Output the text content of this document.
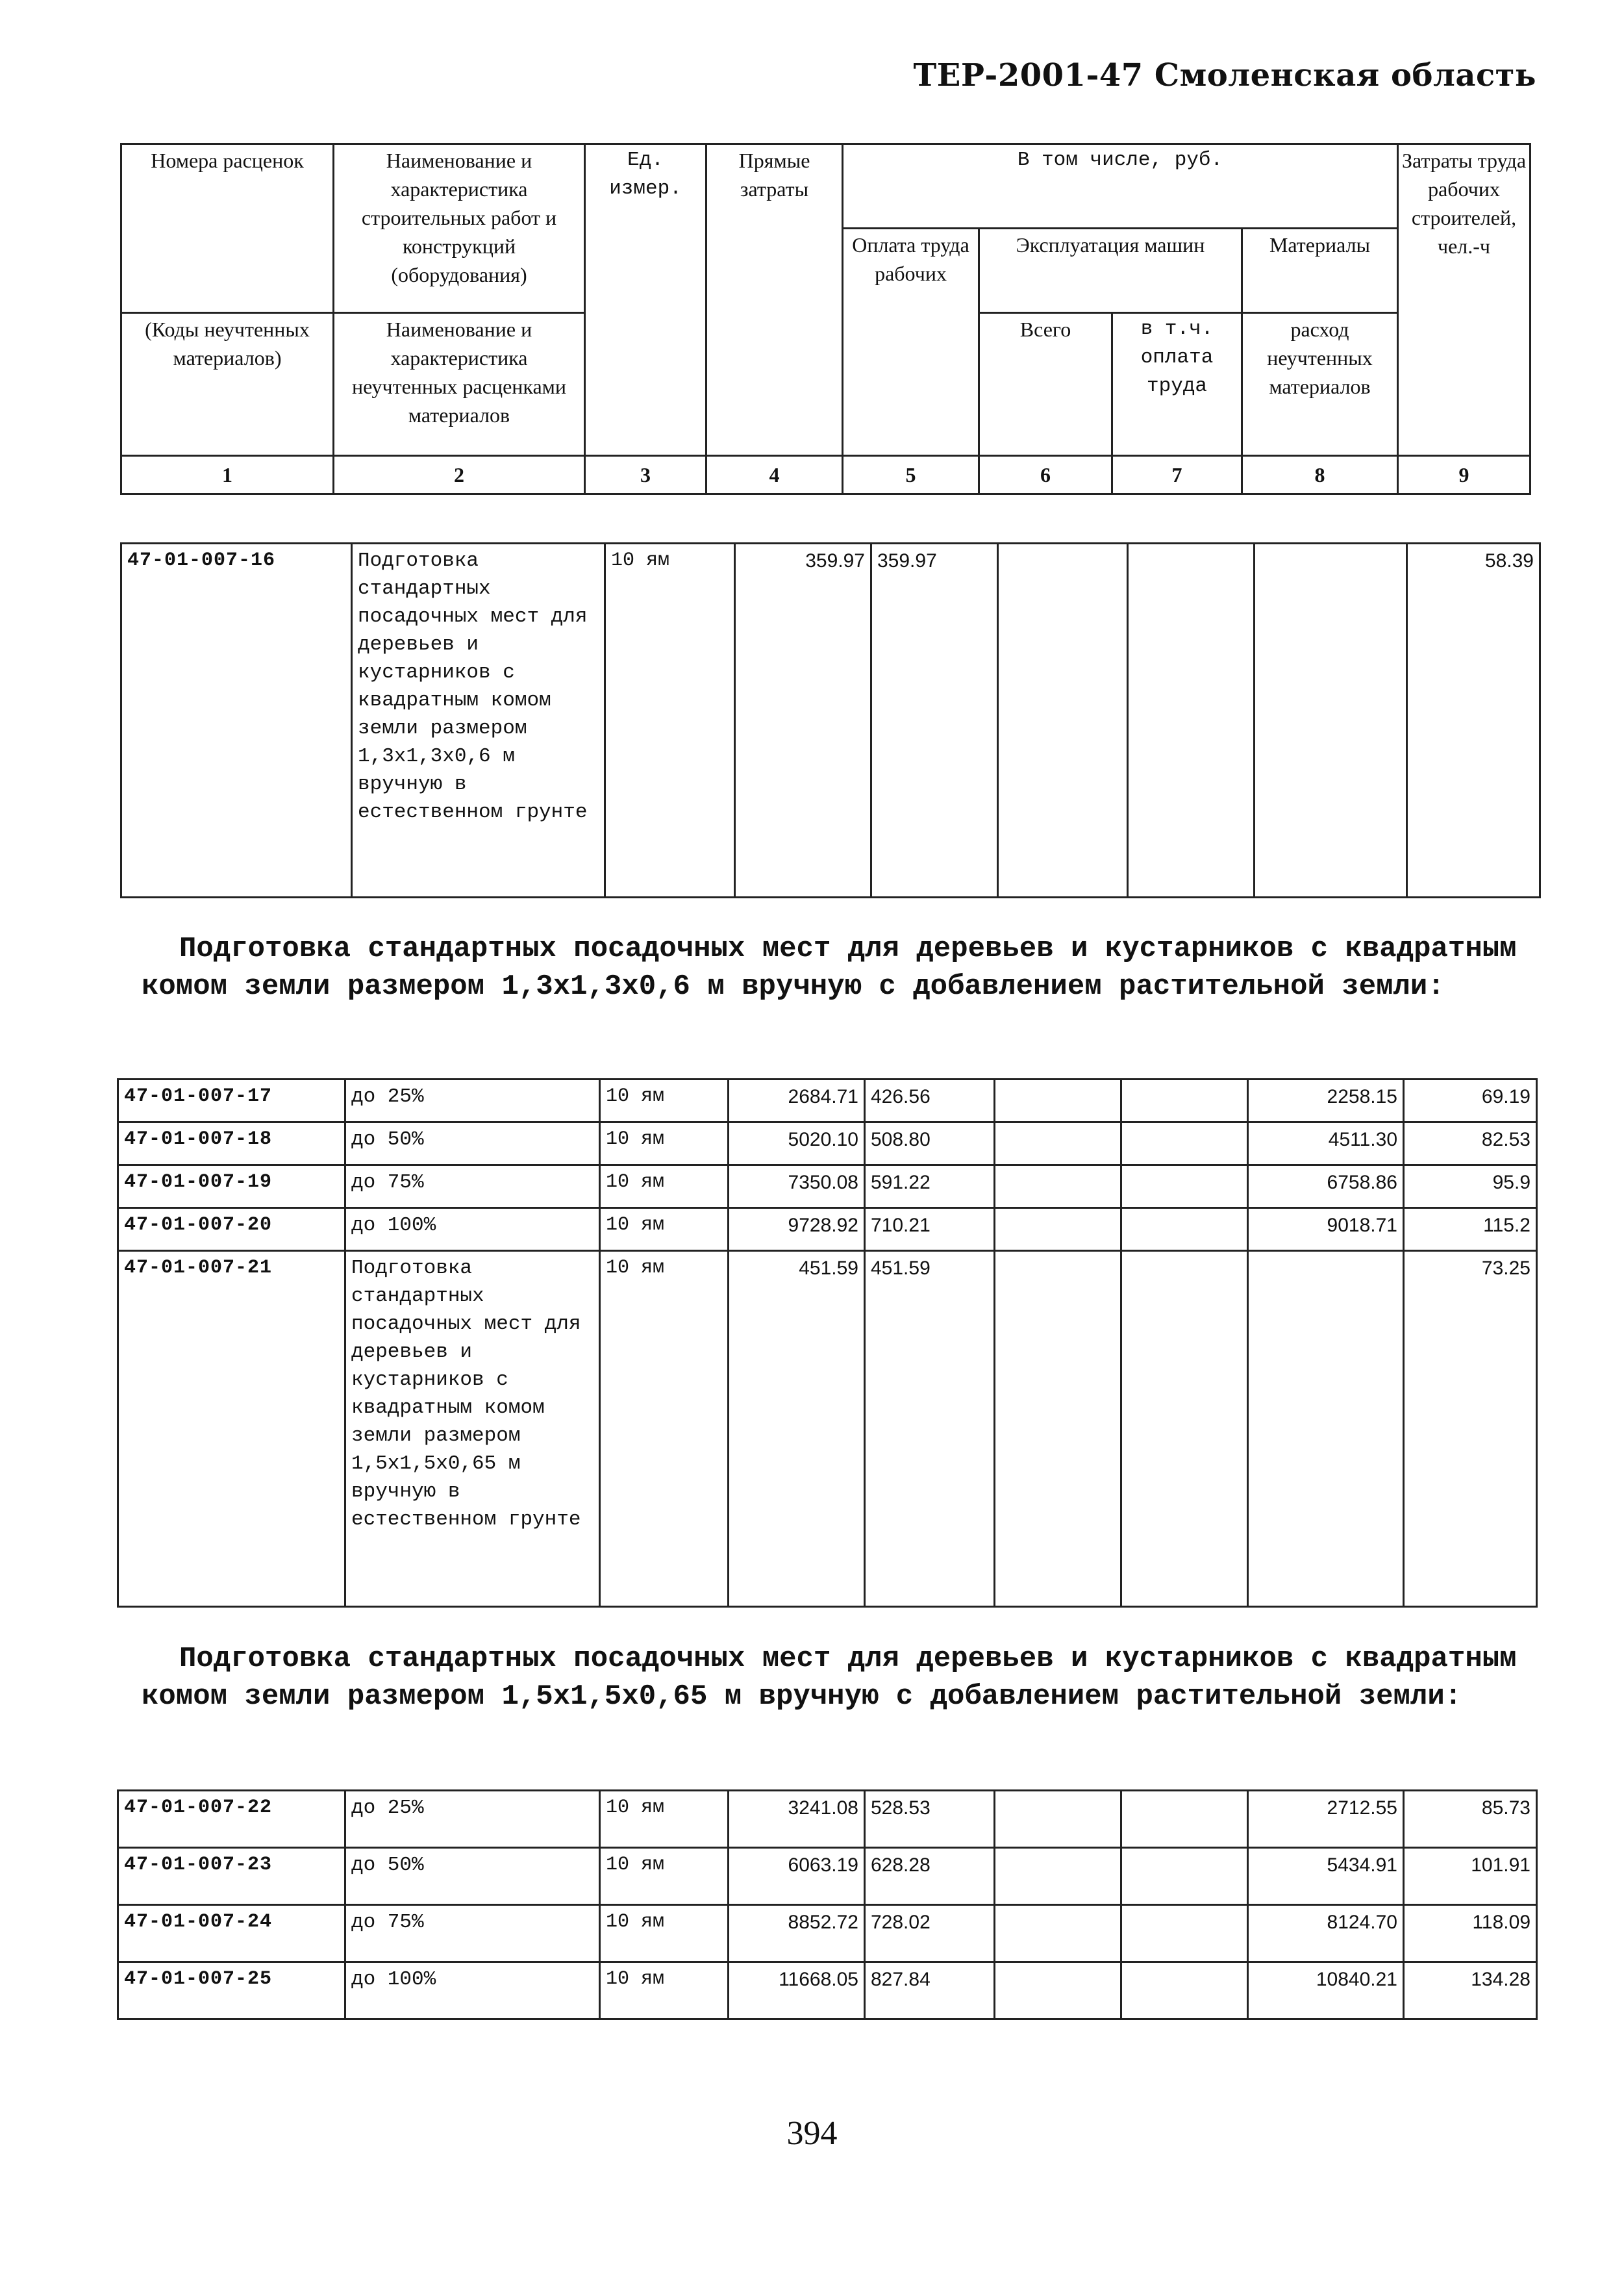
ТЕР-2001-47 Смоленская область
Номера расценок	Наименование и характеристика строительных работ и конструкций (оборудования)	Ед. измер.	Прямые затраты	В том числе, руб.				Затраты труда рабочих строителей, чел.-ч
				Оплата труда рабочих	Эксплуатация машин		Материалы	
(Коды неучтенных материалов)	Наименование и характеристика неучтенных расценками материалов				Всего	в т.ч. оплата труда	расход неучтенных материалов	
1	2	3	4	5	6	7	8	9
47-01-007-16	Подготовка стандартных посадочных мест для деревьев и кустарников с квадратным комом земли размером 1,3х1,3х0,6 м вручную в естественном грунте	10 ям	359.97	359.97				58.39
Подготовка стандартных посадочных мест для деревьев и кустарников с квадратным комом земли размером 1,3х1,3х0,6 м вручную с добавлением растительной земли:
47-01-007-17	до 25%	10 ям	2684.71	426.56			2258.15	69.19
47-01-007-18	до 50%	10 ям	5020.10	508.80			4511.30	82.53
47-01-007-19	до 75%	10 ям	7350.08	591.22			6758.86	95.9
47-01-007-20	до 100%	10 ям	9728.92	710.21			9018.71	115.2
47-01-007-21	Подготовка стандартных посадочных мест для деревьев и кустарников с квадратным комом земли размером 1,5х1,5х0,65 м вручную в естественном грунте	10 ям	451.59	451.59				73.25
Подготовка стандартных посадочных мест для деревьев и кустарников с квадратным комом земли размером 1,5х1,5х0,65 м вручную с добавлением растительной земли:
47-01-007-22	до 25%	10 ям	3241.08	528.53			2712.55	85.73
47-01-007-23	до 50%	10 ям	6063.19	628.28			5434.91	101.91
47-01-007-24	до 75%	10 ям	8852.72	728.02			8124.70	118.09
47-01-007-25	до 100%	10 ям	11668.05	827.84			10840.21	134.28
394
